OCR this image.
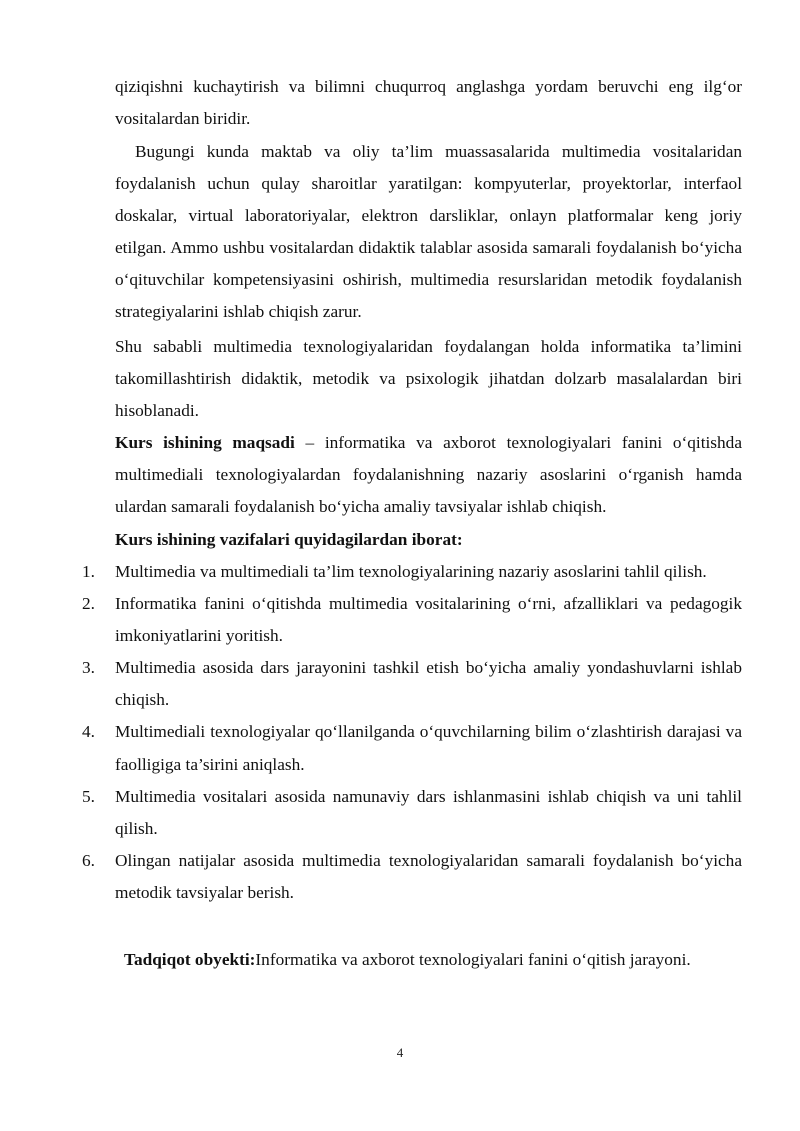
qiziqishni kuchaytirish va bilimni chuqurroq anglashga yordam beruvchi eng ilg‘or vositalardan biridir.

Bugungi kunda maktab va oliy ta’lim muassasalarida multimedia vositalaridan foydalanish uchun qulay sharoitlar yaratilgan: kompyuterlar, proyektorlar, interfaol doskalar, virtual laboratoriyalar, elektron darsliklar, onlayn platformalar keng joriy etilgan. Ammo ushbu vositalardan didaktik talablar asosida samarali foydalanish bo‘yicha o‘qituvchilar kompetensiyasini oshirish, multimedia resurslaridan metodik foydalanish strategiyalarini ishlab chiqish zarur.

Shu sababli multimedia texnologiyalaridan foydalangan holda informatika ta’limini takomillashtirish didaktik, metodik va psixologik jihatdan dolzarb masalalardan biri hisoblanadi.

Kurs ishining maqsadi – informatika va axborot texnologiyalari fanini o‘qitishda multimediali texnologiyalardan foydalanishning nazariy asoslarini o‘rganish hamda ulardan samarali foydalanish bo‘yicha amaliy tavsiyalar ishlab chiqish.

Kurs ishining vazifalari quyidagilardan iborat:

1. Multimedia va multimediali ta’lim texnologiyalarining nazariy asoslarini tahlil qilish.
2. Informatika fanini o‘qitishda multimedia vositalarining o‘rni, afzalliklari va pedagogik imkoniyatlarini yoritish.
3. Multimedia asosida dars jarayonini tashkil etish bo‘yicha amaliy yondashuvlarni ishlab chiqish.
4. Multimediali texnologiyalar qo‘llanilganda o‘quvchilarning bilim o‘zlashtirish darajasi va faolligiga ta’sirini aniqlash.
5. Multimedia vositalari asosida namunaviy dars ishlanmasini ishlab chiqish va uni tahlil qilish.
6. Olingan natijalar asosida multimedia texnologiyalaridan samarali foydalanish bo‘yicha metodik tavsiyalar berish.

Tadqiqot obyekti:Informatika va axborot texnologiyalari fanini o‘qitish jarayoni.

4
